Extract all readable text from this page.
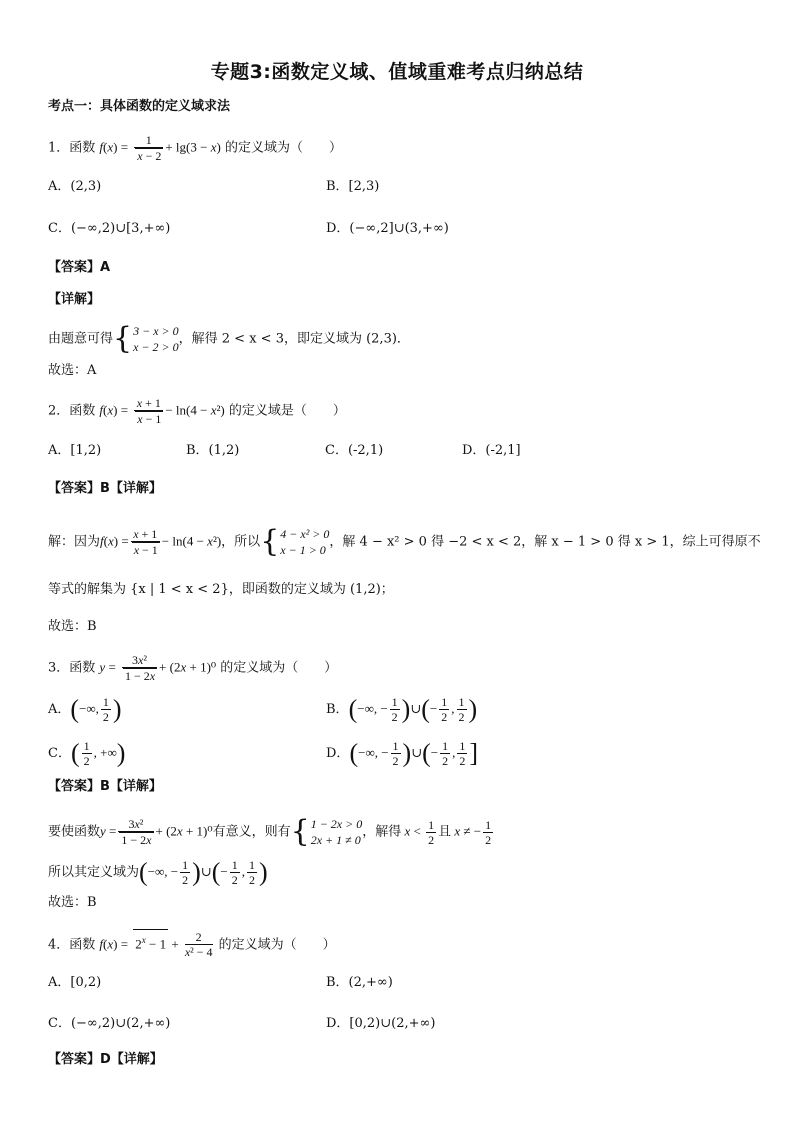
专题3:函数定义域、值域重难考点归纳总结
考点一：具体函数的定义域求法
1．函数 $f(x) = \frac{1}{x - 2} + \lg(3 - x)$ 的定义域为（　　）
A．(2,3)	B．[2,3)
C．(−∞,2)∪[3,+∞)	D．(−∞,2]∪(3,+∞)
【答案】A
【详解】
由题意可得{ 3 − x > 0
x − 2 > 0
，解得 2 < x < 3，即定义域为 (2,3)．
故选：A
2．函数 $f(x) = \frac{x + 1}{x - 1} - \ln(4 - x^2)$ 的定义域是（　　）
A．[1,2)	B．(1,2)	C．(-2,1)	D．(-2,1]
【答案】B【详解】
解：因为$f(x) = \frac{x + 1}{x - 1} - \ln(4 - x^2)$，所以{ 4 − x² > 0
x − 1 > 0
，解 4 − x² > 0 得 −2 < x < 2，解 x − 1 > 0 得 x > 1，综上可得原不
等式的解集为 {x | 1 < x < 2}，即函数的定义域为 (1,2)；
故选：B
3．函数 $y = \frac{\text{3x²}}{1 - 2x} + (2x + 1)^0$ 的定义域为（　　）
A．(−∞, $\frac{1}{2}$ )	B．(−∞, − $\frac{1}{2}$ )∪(− $\frac{1}{2}$ , $\frac{1}{2}$ )
C．( $\frac{1}{2}$ , +∞)	D．(−∞, − $\frac{1}{2}$ )∪(− $\frac{1}{2}$ , $\frac{1}{2}$ ]
【答案】B【详解】
要使函数$y = \frac{\text{3x²}}{1 - 2x} + (2x + 1)^0$有意义，则有{ 1 − 2x > 0
2x + 1 ≠ 0
，解得 $x < \frac{1}{2}$ 且 x ≠ − $\frac{1}{2}$
所以其定义域为(−∞, − $\frac{1}{2}$ )∪(− $\frac{1}{2}$ , $\frac{1}{2}$ )
故选：B
4．函数 $f(x) = 2^x - 1 + \frac{2}{\text{x² − 4}}$ 的定义域为（　　）
A．[0,2)	B．(2,+∞)
C．(−∞,2)∪(2,+∞)	D．[0,2)∪(2,+∞)
【答案】D【详解】
